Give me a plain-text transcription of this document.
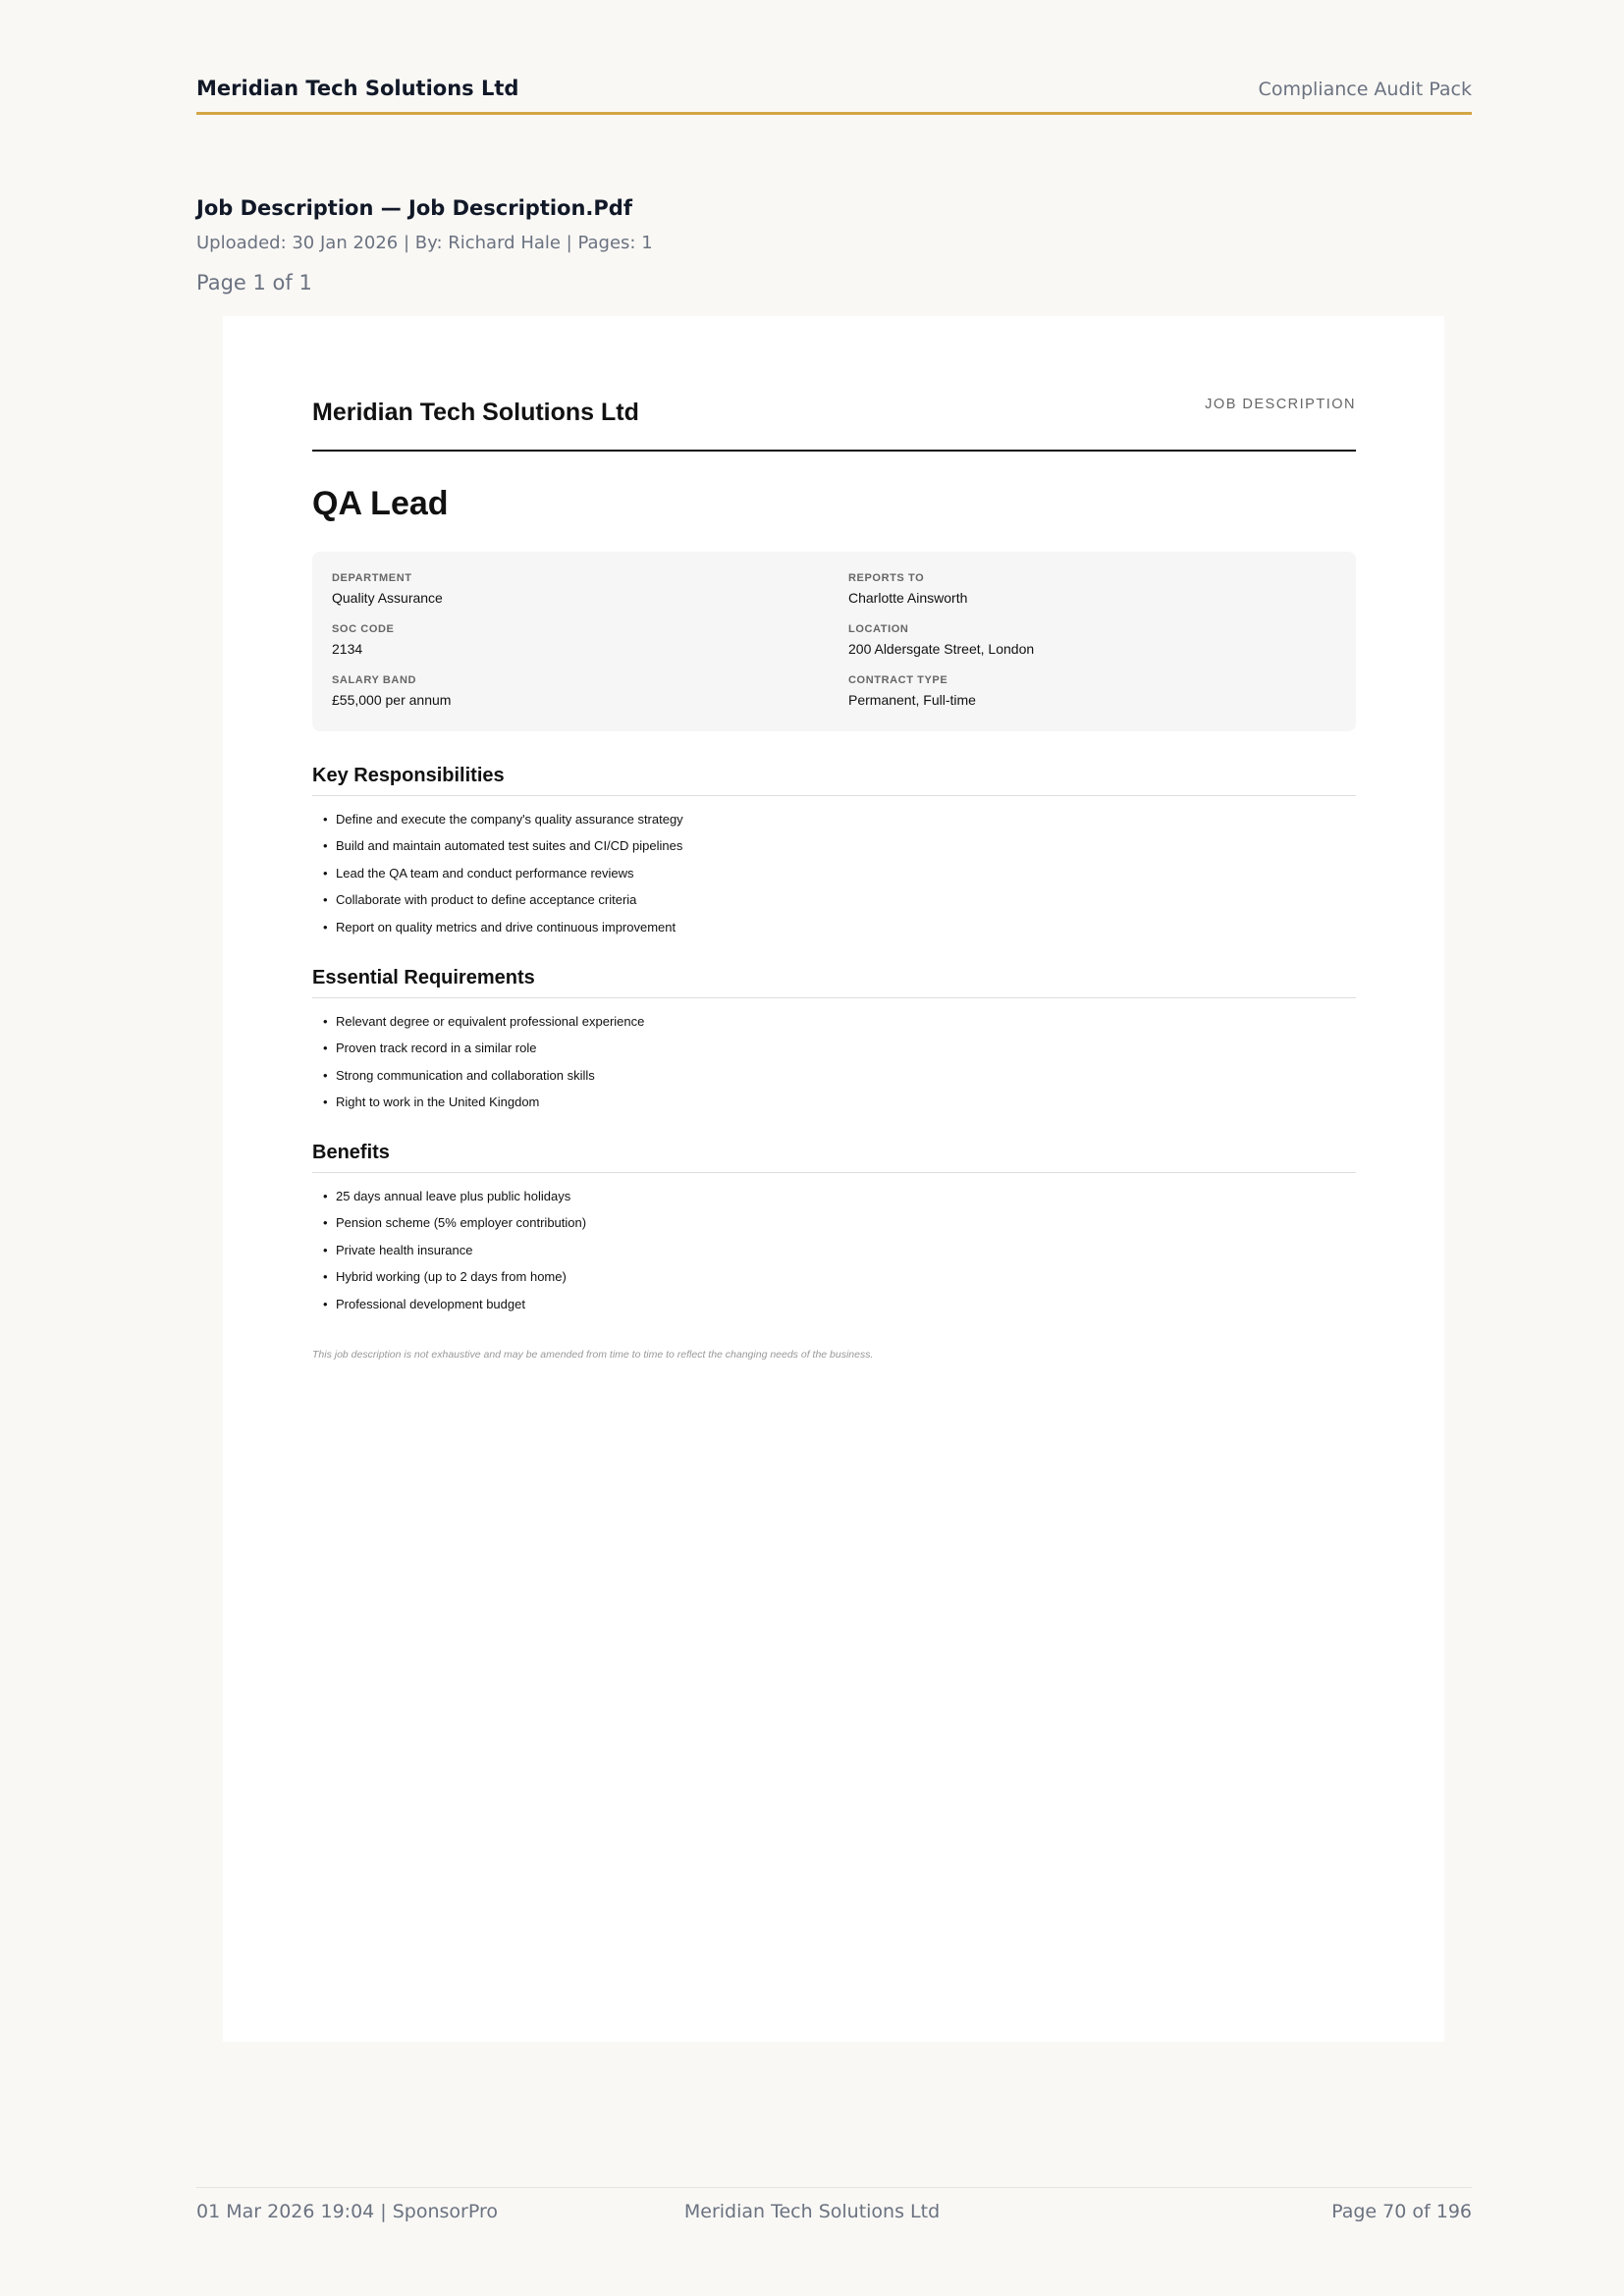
Meridian Tech Solutions Ltd	Compliance Audit Pack
Job Description — Job Description.Pdf
Uploaded: 30 Jan 2026 | By: Richard Hale | Pages: 1
Page 1 of 1
Meridian Tech Solutions Ltd	JOB DESCRIPTION
QA Lead
DEPARTMENT
Quality Assurance
REPORTS TO
Charlotte Ainsworth
SOC CODE
2134
LOCATION
200 Aldersgate Street, London
SALARY BAND
£55,000 per annum
CONTRACT TYPE
Permanent, Full-time
Key Responsibilities
• Define and execute the company's quality assurance strategy
• Build and maintain automated test suites and CI/CD pipelines
• Lead the QA team and conduct performance reviews
• Collaborate with product to define acceptance criteria
• Report on quality metrics and drive continuous improvement
Essential Requirements
• Relevant degree or equivalent professional experience
• Proven track record in a similar role
• Strong communication and collaboration skills
• Right to work in the United Kingdom
Benefits
• 25 days annual leave plus public holidays
• Pension scheme (5% employer contribution)
• Private health insurance
• Hybrid working (up to 2 days from home)
• Professional development budget
This job description is not exhaustive and may be amended from time to time to reflect the changing needs of the business.
01 Mar 2026 19:04 | SponsorPro	Meridian Tech Solutions Ltd	Page 70 of 196
